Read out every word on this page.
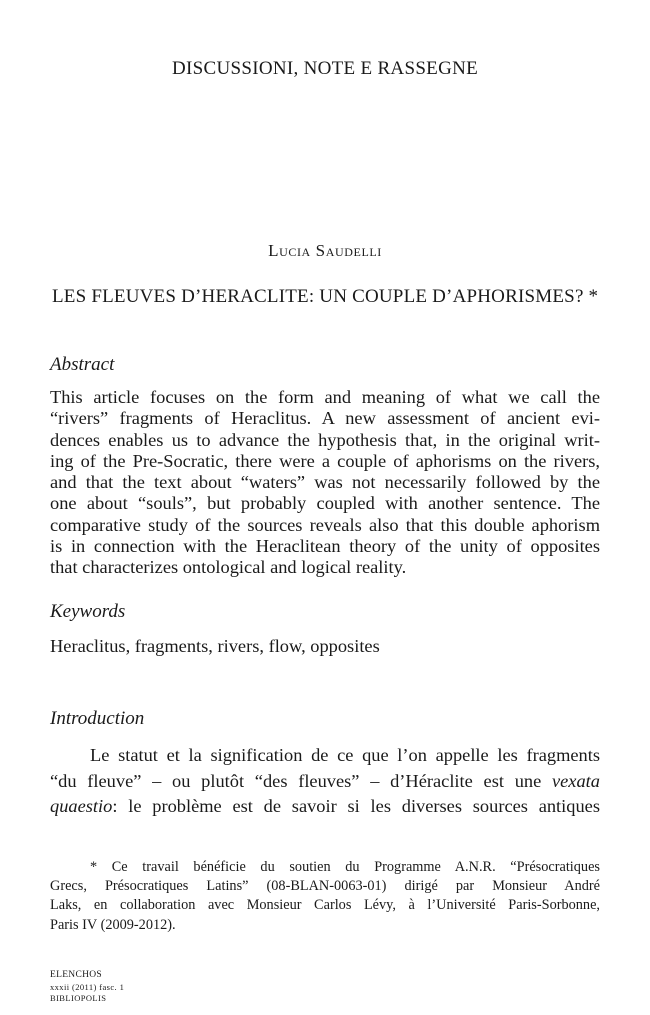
DISCUSSIONI, NOTE E RASSEGNE
Lucia Saudelli
LES FLEUVES D’HERACLITE: UN COUPLE D’APHORISMES? *
Abstract

This article focuses on the form and meaning of what we call the
“rivers” fragments of Heraclitus. A new assessment of ancient evi-
dences enables us to advance the hypothesis that, in the original writ-
ing of the Pre-Socratic, there were a couple of aphorisms on the rivers,
and that the text about “waters” was not necessarily followed by the
one about “souls”, but probably coupled with another sentence. The
comparative study of the sources reveals also that this double aphorism
is in connection with the Heraclitean theory of the unity of opposites
that characterizes ontological and logical reality.

Keywords

Heraclitus, fragments, rivers, flow, opposites

Introduction

Le statut et la signification de ce que l’on appelle les fragments
“du fleuve” – ou plutôt “des fleuves” – d’Héraclite est une vexata
quaestio: le problème est de savoir si les diverses sources antiques

* Ce travail bénéficie du soutien du Programme A.N.R. “Présocratiques
Grecs, Présocratiques Latins” (08-BLAN-0063-01) dirigé par Monsieur André
Laks, en collaboration avec Monsieur Carlos Lévy, à l’Université Paris-Sorbonne,
Paris IV (2009-2012).

ELENCHOS
xxxii (2011) fasc. 1
BIBLIOPOLIS
